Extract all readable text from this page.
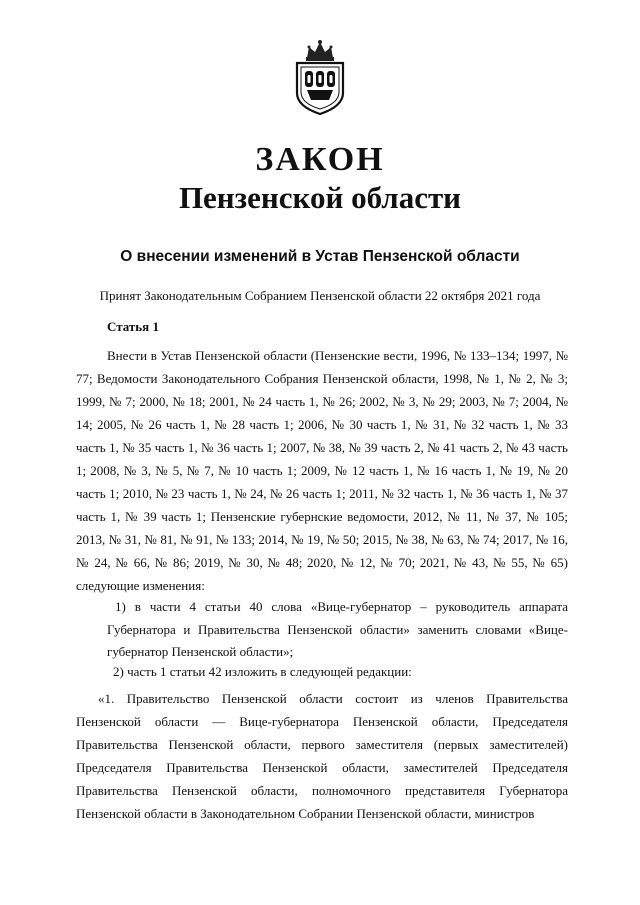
ЗАКОН
Пензенской области
О внесении изменений в Устав Пензенской области
Принят Законодательным Собранием Пензенской области 22 октября 2021 года
Статья 1

Внести в Устав Пензенской области (Пензенские вести, 1996, № 133–134; 1997, № 77; Ведомости Законодательного Собрания Пензенской области, 1998, № 1, № 2, № 3; 1999, № 7; 2000, № 18; 2001, № 24 часть 1, № 26; 2002, № 3, № 29; 2003, № 7; 2004, № 14; 2005, № 26 часть 1, № 28 часть 1; 2006, № 30 часть 1, № 31, № 32 часть 1, № 33 часть 1, № 35 часть 1, № 36 часть 1; 2007, № 38, № 39 часть 2, № 41 часть 2, № 43 часть 1; 2008, № 3, № 5, № 7, № 10 часть 1; 2009, № 12 часть 1, № 16 часть 1, № 19, № 20 часть 1; 2010, № 23 часть 1, № 24, № 26 часть 1; 2011, № 32 часть 1, № 36 часть 1, № 37 часть 1, № 39 часть 1; Пензенские губернские ведомости, 2012, № 11, № 37, № 105; 2013, № 31, № 81, № 91, № 133; 2014, № 19, № 50; 2015, № 38, № 63, № 74; 2017, № 16, № 24, № 66, № 86; 2019, № 30, № 48; 2020, № 12, № 70; 2021, № 43, № 55, № 65) следующие изменения:

1) в части 4 статьи 40 слова «Вице-губернатор – руководитель аппарата Губернатора и Правительства Пензенской области» заменить словами «Вице-губернатор Пензенской области»;

2) часть 1 статьи 42 изложить в следующей редакции:

«1. Правительство Пензенской области состоит из членов Правительства Пензенской области — Вице-губернатора Пензенской области, Председателя Правительства Пензенской области, первого заместителя (первых заместителей) Председателя Правительства Пензенской области, заместителей Председателя Правительства Пензенской области, полномочного представителя Губернатора Пензенской области в Законодательном Собрании Пензенской области, министров
